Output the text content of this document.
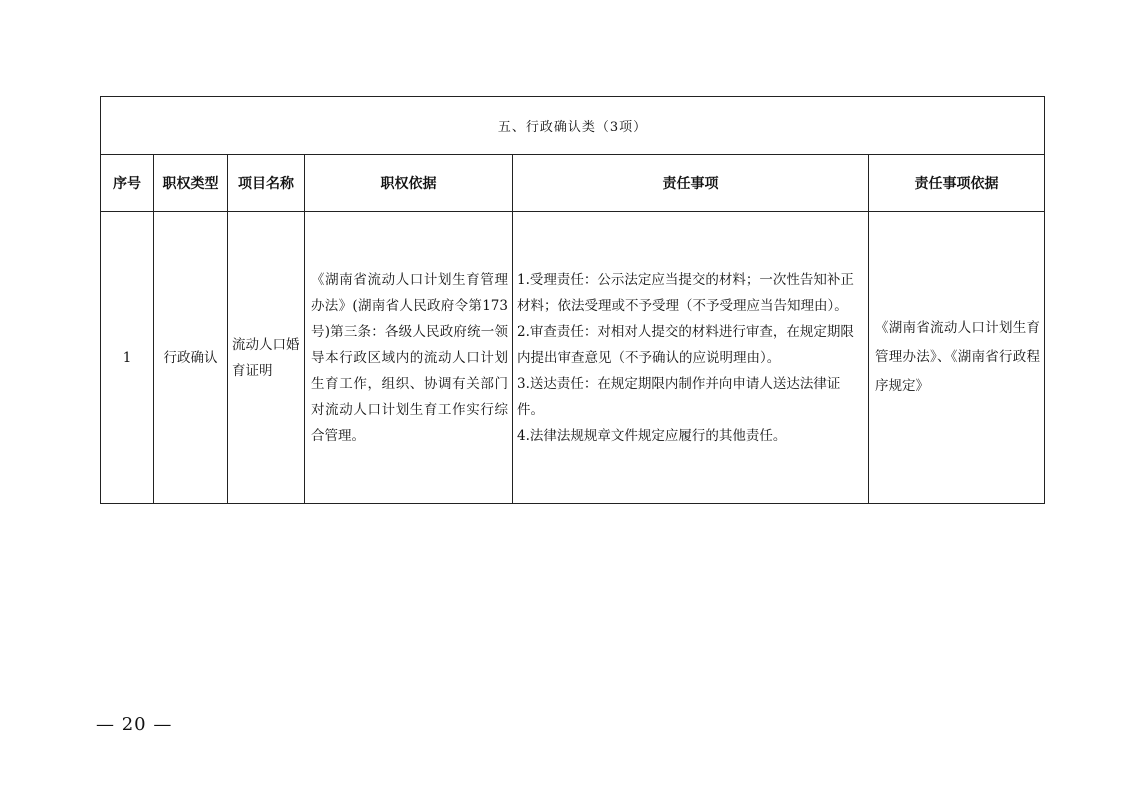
五、行政确认类（3项）					
序号	职权类型	项目名称	职权依据	责任事项	责任事项依据
1	行政确认	流动人口婚育证明	《湖南省流动人口计划生育管理办法》(湖南省人民政府令第173号)第三条：各级人民政府统一领导本行政区域内的流动人口计划生育工作，组织、协调有关部门对流动人口计划生育工作实行综合管理。	1.受理责任：公示法定应当提交的材料；一次性告知补正材料；依法受理或不予受理（不予受理应当告知理由）。
2.审查责任：对相对人提交的材料进行审查，在规定期限内提出审查意见（不予确认的应说明理由）。
3.送达责任：在规定期限内制作并向申请人送达法律证件。
4.法律法规规章文件规定应履行的其他责任。	《湖南省流动人口计划生育管理办法》、《湖南省行政程序规定》
— 20 —
